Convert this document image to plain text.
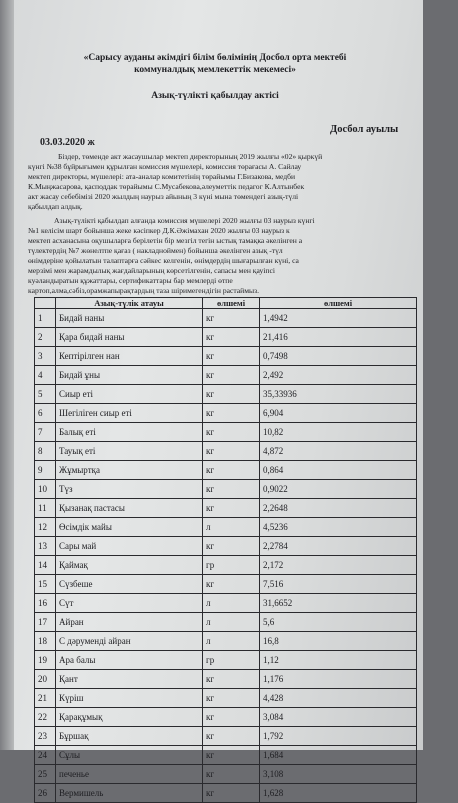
«Сарысу ауданы әкімдігі білім бөлімінің Досбол орта мектебі
коммуналдық мемлекеттік мекемесі»
Азық-түлікті қабылдау актісі
Досбол ауылы
03.03.2020 ж
Біздер, төменде акт жасаушылар мектеп директорының 2019 жылғы «02» қыркүй
күнгі №38 бұйрығымен құрылған комиссия мүшелері, комиссия төрағасы А. Сайлау
мектеп директоры, мүшелері: ата-аналар комитетінің төрайымы Г.Бизакова, медби
К.Мыңжасарова, қасподдак төрайымы С.Мусабекова,әлеуметтік педагог К.Алтынбек
акт жасау себебімізі 2020 жылдың наурыз айының 3 күні мына төмендегі азық-түлі
қабылдап алдық.
Азық-түлікті қабылдап алғанда комиссия мүшелері 2020 жылғы 03 наурыз күнгі
№1 келісім шарт бойынша жеке кәсіпкер Д.К.Әжімахан 2020 жылғы 03 наурыз к
мектеп асханасына оқушыларға берілетін бір мезгіл тегін ыстық тамақка әкелінген а
түлектердің №7 жөнелтпе қағаз ( накладноймен) бойынша әкелінген азық -түл
өнімдеріне қойылатын талаптарға сәйкес келгенін, өнімдердің шығарылған күні, са
мерзімі мен жарамдылық жағдайларының көрсетілгенін, сапасы мен қауіпсі
куәландыратын құжаттары, сертификаттары бар мемлерді өтпе
картоп,алма,сәбіз,орамжапырақтардың таза шіримегендігін растаймыз.
	Азық-түлік атауы	өлшемі	өлшемі
1	Бидай наны	кг	1,4942
2	Қара бидай наны	кг	21,416
3	Кептірілген нан	кг	0,7498
4	Бидай ұны	кг	2,492
5	Сиыр еті	кг	35,33936
6	Шегіліген сиыр еті	кг	6,904
7	Балық еті	кг	10,82
8	Тауық еті	кг	4,872
9	Жұмыртқа	кг	0,864
10	Түз	кг	0,9022
11	Қызанақ пастасы	кг	2,2648
12	Өсімдік майы	л	4,5236
13	Сары май	кг	2,2784
14	Қаймақ	гр	2,172
15	Сүзбеше	кг	7,516
16	Сүт	л	31,6652
17	Айран	л	5,6
18	С дәрумендi айран	л	16,8
19	Ара балы	гр	1,12
20	Қант	кг	1,176
21	Күріш	кг	4,428
22	Қарақұмық	кг	3,084
23	Бұршақ	кг	1,792
24	Сұлы	кг	1,684
25	печенье	кг	3,108
26	Вермишель	кг	1,628
